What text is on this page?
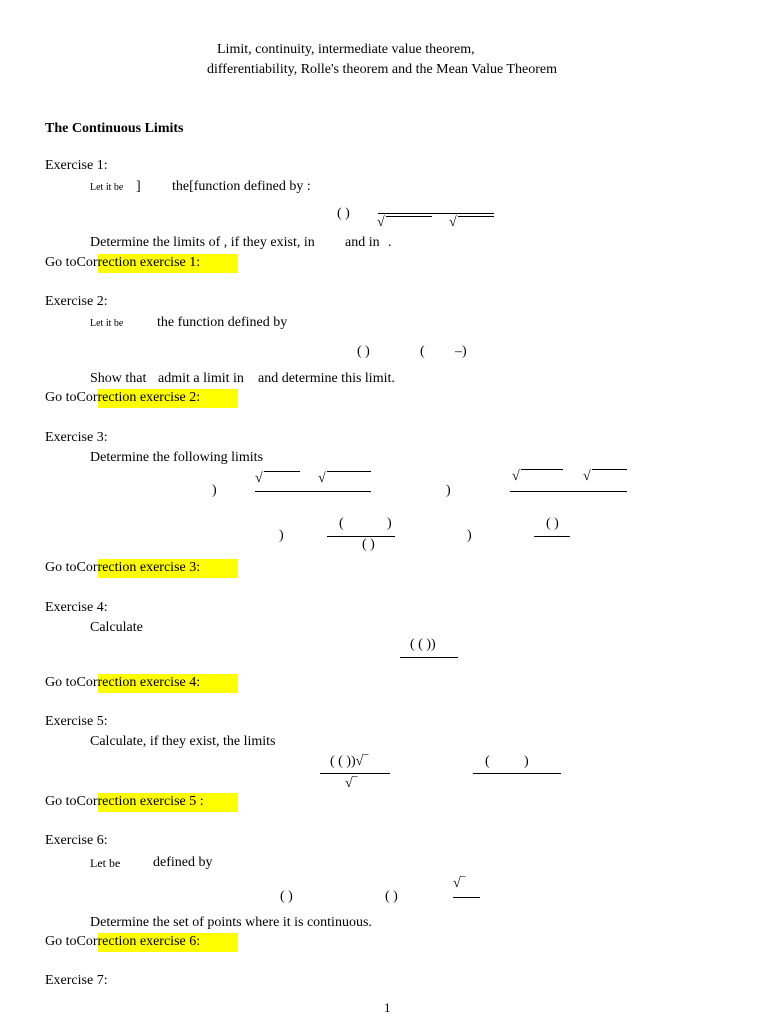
Limit, continuity, intermediate value theorem,
differentiability, Rolle's theorem and the Mean Value Theorem
The Continuous Limits
Exercise 1:
Let it be ] the[function defined by :
( )
√	√
Determine the limits of , if they exist, in and in .
Go toCorrection exercise 1:
Exercise 2:
Let it be the function defined by
( )	( –)
Show that admit a limit in and determine this limit.
Go toCorrection exercise 2:
Exercise 3:
Determine the following limits
√	√
)
√	√
)
(	)
( )
)
( )
)
Go toCorrection exercise 3:
Exercise 4:
Calculate
( ( ))
Go toCorrection exercise 4:
Exercise 5:
Calculate, if they exist, the limits
( ( ))√‾
√‾
( )
Go toCorrection exercise 5 :
Exercise 6:
Let be defined by
( )	( )
√‾
Determine the set of points where it is continuous.
Go toCorrection exercise 6:
Exercise 7:
1
